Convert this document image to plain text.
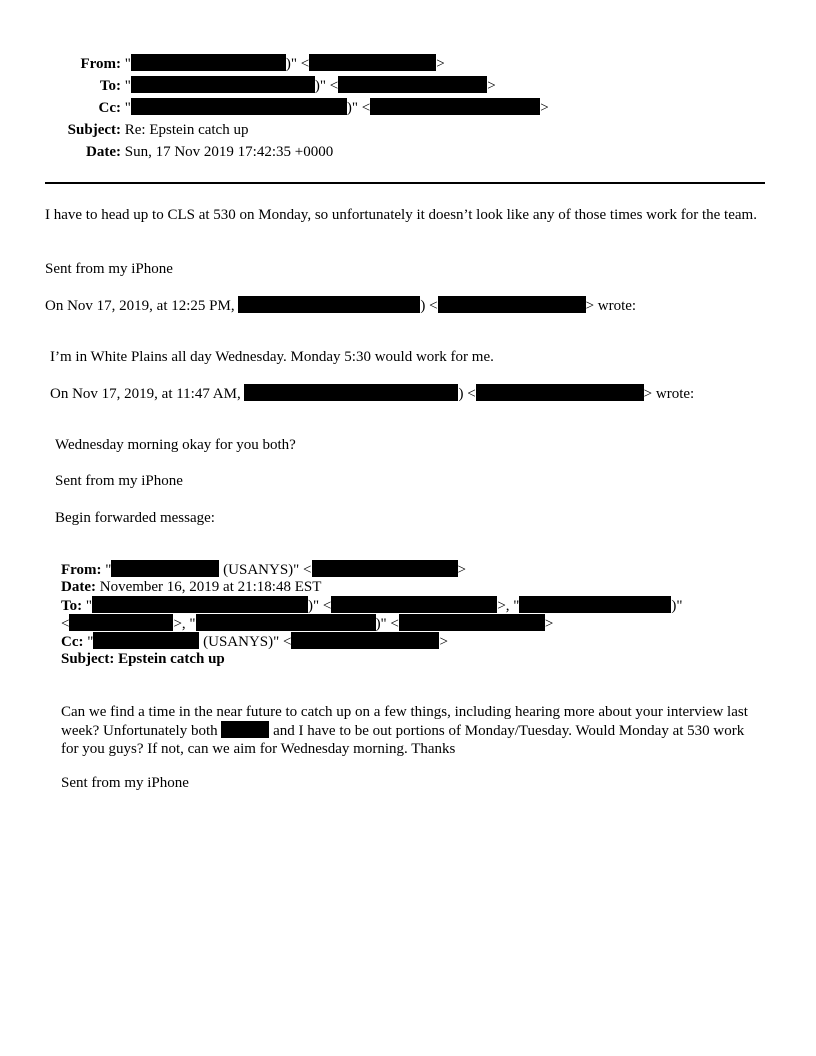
From: "	)" <	>
To: "	)" <	>
Cc: "	)" <	>
Subject: Re: Epstein catch up
Date: Sun, 17 Nov 2019 17:42:35 +0000
I have to head up to CLS at 530 on Monday, so unfortunately it doesn’t look like any of those times work for the team.
Sent from my iPhone
On Nov 17, 2019, at 12:25 PM,	) <	> wrote:
I’m in White Plains all day Wednesday. Monday 5:30 would work for me.
On Nov 17, 2019, at 11:47 AM,	) <	> wrote:
Wednesday morning okay for you both?
Sent from my iPhone
Begin forwarded message:
From: "	(USANYS)" <	>
Date: November 16, 2019 at 21:18:48 EST
To: "	)" <	>, "	)"
<	>, "	)" <	>
Cc: "	(USANYS)" <	>
Subject: Epstein catch up
Can we find a time in the near future to catch up on a few things, including hearing more about your interview last week? Unfortunately both	and I have to be out portions of Monday/Tuesday. Would Monday at 530 work for you guys? If not, can we aim for Wednesday morning. Thanks
Sent from my iPhone
